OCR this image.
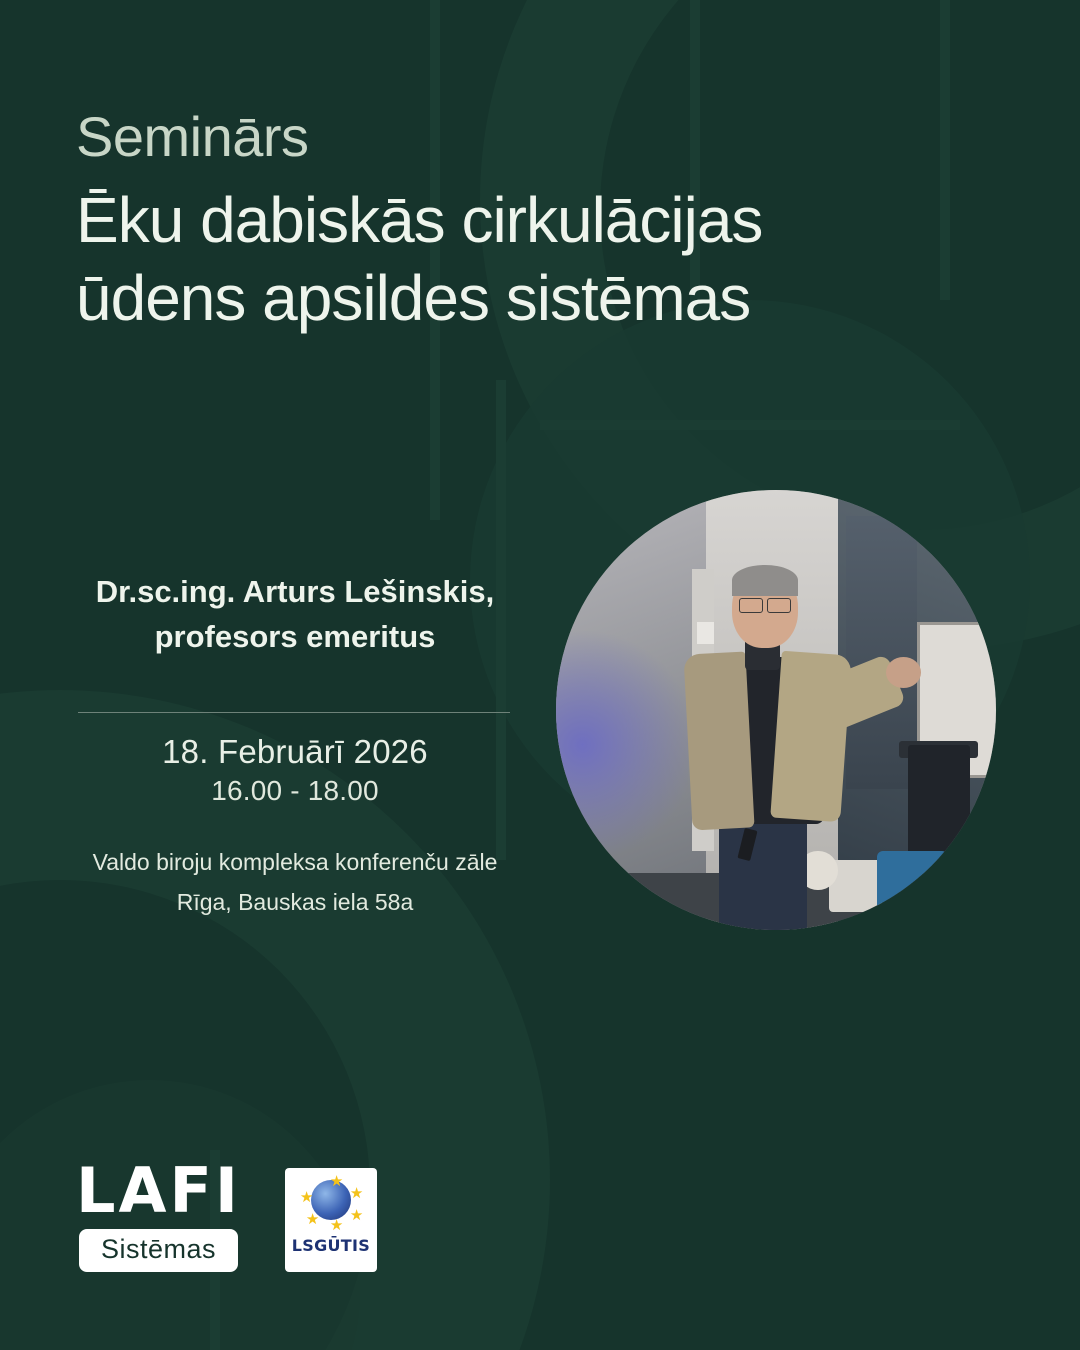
Seminārs

Ēku dabiskās cirkulācijas
ūdens apsildes sistēmas

Dr.sc.ing. Arturs Lešinskis,
profesors emeritus

18. Februārī 2026

16.00 - 18.00

Valdo biroju kompleksa konferenču zāle
Rīga, Bauskas iela 58a

LAFI
Sistēmas
★
★
★
★
★
★
LSGŪTIS
